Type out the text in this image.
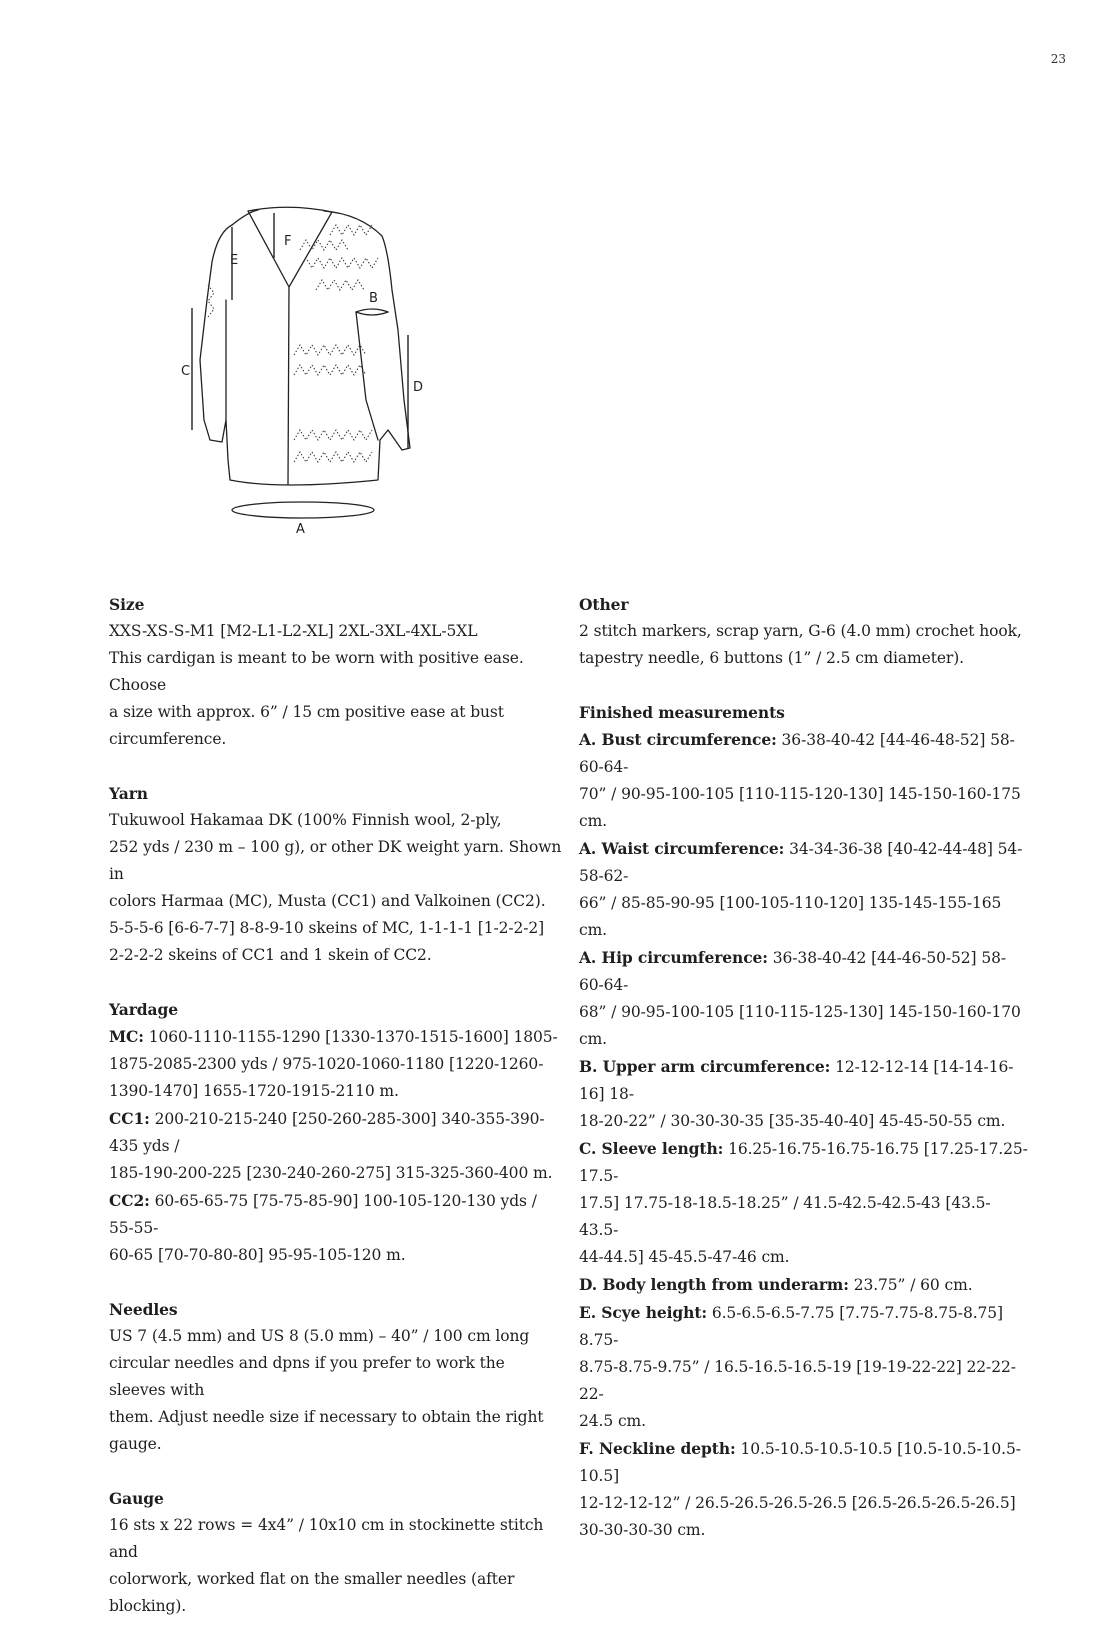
23
F
E
B
C
D
A
Size

XXS-XS-S-M1 [M2-L1-L2-XL] 2XL-3XL-4XL-5XL

This cardigan is meant to be worn with positive ease. Choose

a size with approx. 6” / 15 cm positive ease at bust circumference.

Yarn

Tukuwool Hakamaa DK (100% Finnish wool, 2-ply,

252 yds / 230 m – 100 g), or other DK weight yarn. Shown in

colors Harmaa (MC), Musta (CC1) and Valkoinen (CC2).

5-5-5-6 [6-6-7-7] 8-8-9-10 skeins of MC, 1-1-1-1 [1-2-2-2]

2-2-2-2 skeins of CC1 and 1 skein of CC2.

Yardage

MC: 1060-1110-1155-1290 [1330-1370-1515-1600] 1805-

1875-2085-2300 yds / 975-1020-1060-1180 [1220-1260-

1390-1470] 1655-1720-1915-2110 m.

CC1: 200-210-215-240 [250-260-285-300] 340-355-390-435 yds /

185-190-200-225 [230-240-260-275] 315-325-360-400 m.

CC2: 60-65-65-75 [75-75-85-90] 100-105-120-130 yds / 55-55-

60-65 [70-70-80-80] 95-95-105-120 m.

Needles

US 7 (4.5 mm) and US 8 (5.0 mm) – 40” / 100 cm long

circular needles and dpns if you prefer to work the sleeves with

them. Adjust needle size if necessary to obtain the right gauge.

Gauge

16 sts x 22 rows = 4x4” / 10x10 cm in stockinette stitch and

colorwork, worked flat on the smaller needles (after blocking).

Other

2 stitch markers, scrap yarn, G-6 (4.0 mm) crochet hook,

tapestry needle, 6 buttons (1” / 2.5 cm diameter).

Finished measurements

A. Bust circumference: 36-38-40-42 [44-46-48-52] 58-60-64-

70” / 90-95-100-105 [110-115-120-130] 145-150-160-175 cm.

A. Waist circumference: 34-34-36-38 [40-42-44-48] 54-58-62-

66” / 85-85-90-95 [100-105-110-120] 135-145-155-165 cm.

A. Hip circumference: 36-38-40-42 [44-46-50-52] 58-60-64-

68” / 90-95-100-105 [110-115-125-130] 145-150-160-170 cm.

B. Upper arm circumference: 12-12-12-14 [14-14-16-16] 18-

18-20-22” / 30-30-30-35 [35-35-40-40] 45-45-50-55 cm.

C. Sleeve length: 16.25-16.75-16.75-16.75 [17.25-17.25-17.5-

17.5] 17.75-18-18.5-18.25” / 41.5-42.5-42.5-43 [43.5-43.5-

44-44.5] 45-45.5-47-46 cm.

D. Body length from underarm: 23.75” / 60 cm.

E. Scye height: 6.5-6.5-6.5-7.75 [7.75-7.75-8.75-8.75] 8.75-

8.75-8.75-9.75” / 16.5-16.5-16.5-19 [19-19-22-22] 22-22-22-

24.5 cm.

F. Neckline depth: 10.5-10.5-10.5-10.5 [10.5-10.5-10.5-10.5]

12-12-12-12” / 26.5-26.5-26.5-26.5 [26.5-26.5-26.5-26.5]

30-30-30-30 cm.
